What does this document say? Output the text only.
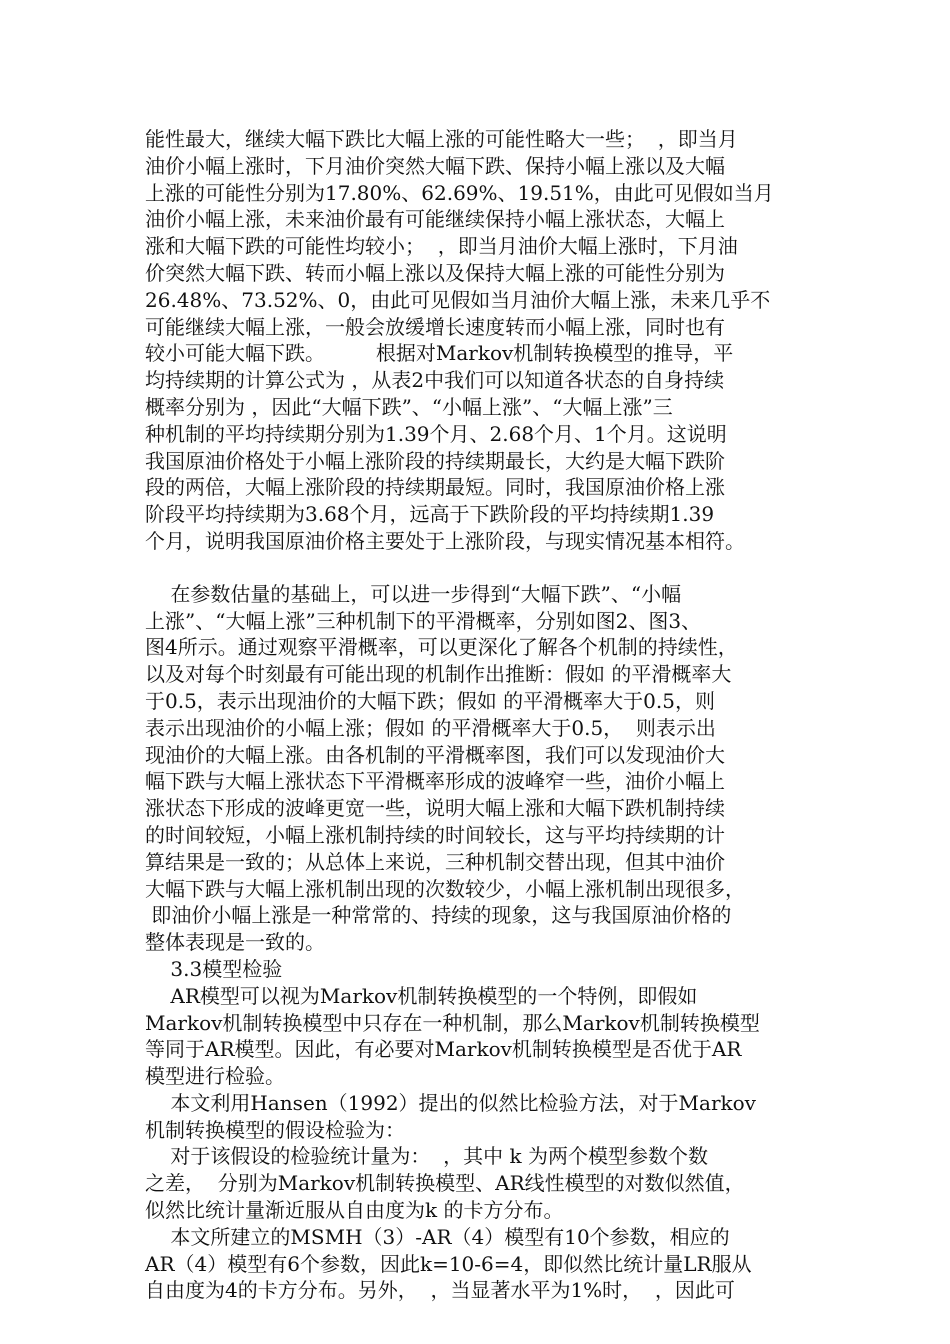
能性最大，继续大幅下跌比大幅上涨的可能性略大一些；  ，即当月
油价小幅上涨时，下月油价突然大幅下跌、保持小幅上涨以及大幅
上涨的可能性分别为17.80%、62.69%、19.51%，由此可见假如当月
油价小幅上涨，未来油价最有可能继续保持小幅上涨状态，大幅上
涨和大幅下跌的可能性均较小；  ，即当月油价大幅上涨时，下月油
价突然大幅下跌、转而小幅上涨以及保持大幅上涨的可能性分别为
26.48%、73.52%、0，由此可见假如当月油价大幅上涨，未来几乎不
可能继续大幅上涨，一般会放缓增长速度转而小幅上涨，同时也有
较小可能大幅下跌。        根据对Markov机制转换模型的推导，平
均持续期的计算公式为 ，从表2中我们可以知道各状态的自身持续
概率分别为 ，因此“大幅下跌”、“小幅上涨”、“大幅上涨”三
种机制的平均持续期分别为1.39个月、2.68个月、1个月。这说明
我国原油价格处于小幅上涨阶段的持续期最长，大约是大幅下跌阶
段的两倍，大幅上涨阶段的持续期最短。同时，我国原油价格上涨
阶段平均持续期为3.68个月，远高于下跌阶段的平均持续期1.39
个月，说明我国原油价格主要处于上涨阶段，与现实情况基本相符。
在参数估量的基础上，可以进一步得到“大幅下跌”、“小幅
上涨”、“大幅上涨”三种机制下的平滑概率，分别如图2、图3、
图4所示。通过观察平滑概率，可以更深化了解各个机制的持续性，
以及对每个时刻最有可能出现的机制作出推断：假如 的平滑概率大
于0.5，表示出现油价的大幅下跌；假如 的平滑概率大于0.5，则
表示出现油价的小幅上涨；假如 的平滑概率大于0.5，  则表示出
现油价的大幅上涨。由各机制的平滑概率图，我们可以发现油价大
幅下跌与大幅上涨状态下平滑概率形成的波峰窄一些，油价小幅上
涨状态下形成的波峰更宽一些，说明大幅上涨和大幅下跌机制持续
的时间较短，小幅上涨机制持续的时间较长，这与平均持续期的计
算结果是一致的；从总体上来说，三种机制交替出现，但其中油价
大幅下跌与大幅上涨机制出现的次数较少，小幅上涨机制出现很多，
即油价小幅上涨是一种常常的、持续的现象，这与我国原油价格的
整体表现是一致的。
3.3模型检验
AR模型可以视为Markov机制转换模型的一个特例，即假如
Markov机制转换模型中只存在一种机制，那么Markov机制转换模型
等同于AR模型。因此，有必要对Markov机制转换模型是否优于AR
模型进行检验。
本文利用Hansen（1992）提出的似然比检验方法，对于Markov
机制转换模型的假设检验为：
对于该假设的检验统计量为：  ，其中 k 为两个模型参数个数
之差，  分别为Markov机制转换模型、AR线性模型的对数似然值，
似然比统计量渐近服从自由度为k 的卡方分布。
本文所建立的MSMH（3）-AR（4）模型有10个参数，相应的
AR（4）模型有6个参数，因此k=10-6=4，即似然比统计量LR服从
自由度为4的卡方分布。另外，  ，当显著水平为1%时，  ，因此可
